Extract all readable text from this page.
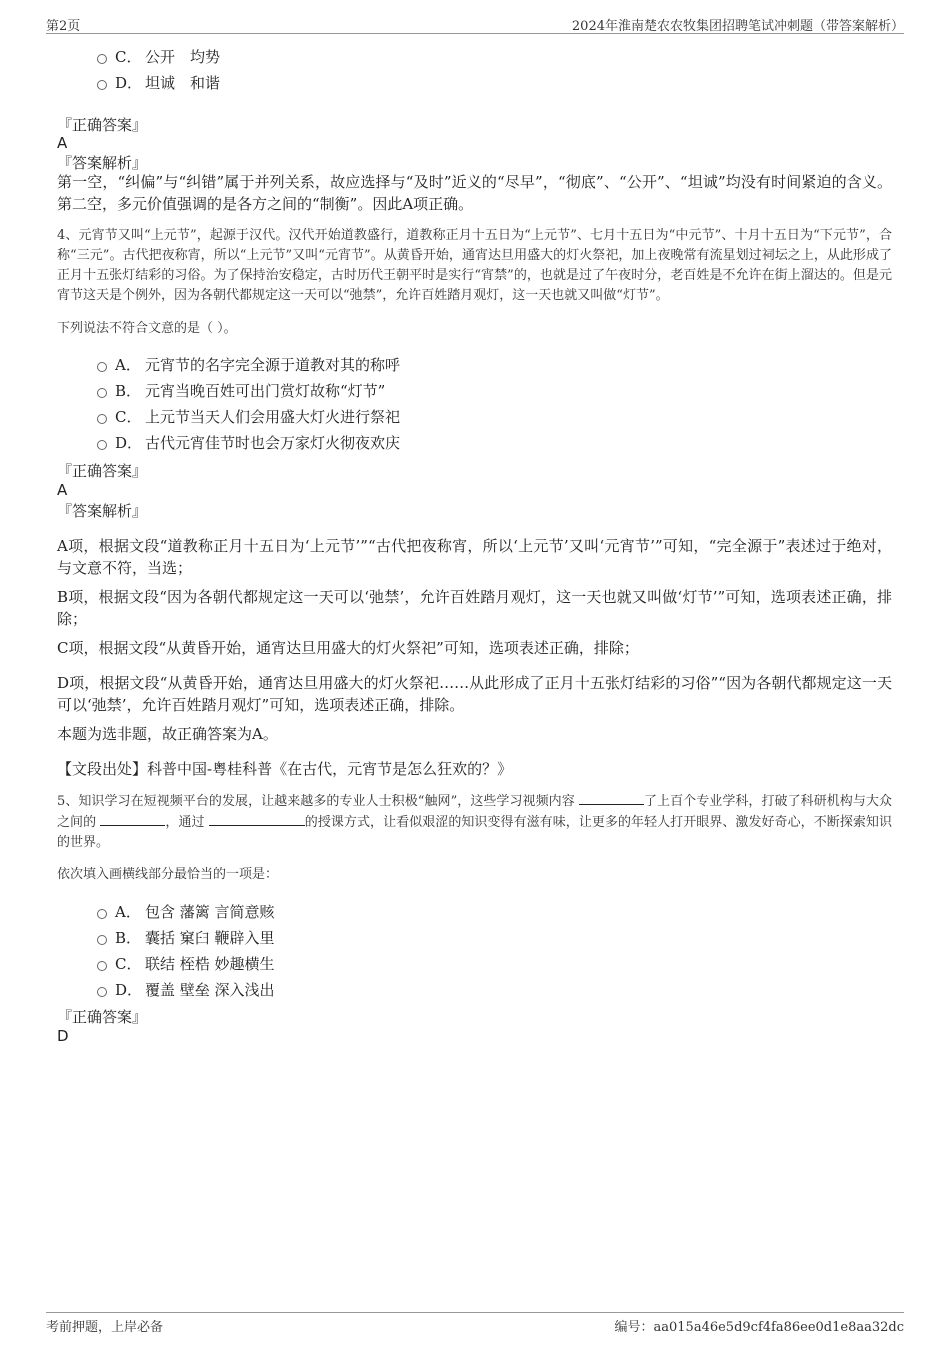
第2页	2024年淮南楚农农牧集团招聘笔试冲刺题（带答案解析）
C． 公开　均势
D． 坦诚　和谐
『正确答案』
A
『答案解析』
第一空，“纠偏”与“纠错”属于并列关系，故应选择与“及时”近义的“尽早”，“彻底”、“公开”、“坦诚”均没有时间紧迫的含义。第二空，多元价值强调的是各方之间的“制衡”。因此A项正确。
4、元宵节又叫“上元节”，起源于汉代。汉代开始道教盛行，道教称正月十五日为“上元节”、七月十五日为“中元节”、十月十五日为“下元节”，合称“三元”。古代把夜称宵，所以“上元节”又叫“元宵节”。从黄昏开始，通宵达旦用盛大的灯火祭祀，加上夜晚常有流星划过祠坛之上，从此形成了正月十五张灯结彩的习俗。为了保持治安稳定，古时历代王朝平时是实行“宵禁”的，也就是过了午夜时分，老百姓是不允许在街上溜达的。但是元宵节这天是个例外，因为各朝代都规定这一天可以“弛禁”，允许百姓踏月观灯，这一天也就又叫做“灯节”。
下列说法不符合文意的是（ ）。
A． 元宵节的名字完全源于道教对其的称呼
B． 元宵当晚百姓可出门赏灯故称“灯节”
C． 上元节当天人们会用盛大灯火进行祭祀
D． 古代元宵佳节时也会万家灯火彻夜欢庆
『正确答案』
A
『答案解析』
A项，根据文段“道教称正月十五日为‘上元节’”“古代把夜称宵，所以‘上元节’又叫‘元宵节’”可知，“完全源于”表述过于绝对，与文意不符，当选；
B项，根据文段“因为各朝代都规定这一天可以‘弛禁’，允许百姓踏月观灯，这一天也就又叫做‘灯节’”可知，选项表述正确，排除；
C项，根据文段“从黄昏开始，通宵达旦用盛大的灯火祭祀”可知，选项表述正确，排除；
D项，根据文段“从黄昏开始，通宵达旦用盛大的灯火祭祀……从此形成了正月十五张灯结彩的习俗”“因为各朝代都规定这一天可以‘弛禁’，允许百姓踏月观灯”可知，选项表述正确，排除。
本题为选非题，故正确答案为A。
【文段出处】科普中国-粤桂科普《在古代，元宵节是怎么狂欢的？》
5、知识学习在短视频平台的发展，让越来越多的专业人士积极“触网”，这些学习视频内容	了上百个专业学科，打破了科研机构与大众之间的	，通过	的授课方式，让看似艰涩的知识变得有滋有味，让更多的年轻人打开眼界、激发好奇心，不断探索知识的世界。
依次填入画横线部分最恰当的一项是：
A． 包含 藩篱 言简意赅
B． 囊括 窠臼 鞭辟入里
C． 联结 桎梏 妙趣横生
D． 覆盖 壁垒 深入浅出
『正确答案』
D
考前押题，上岸必备	编号：aa015a46e5d9cf4fa86ee0d1e8aa32dc
